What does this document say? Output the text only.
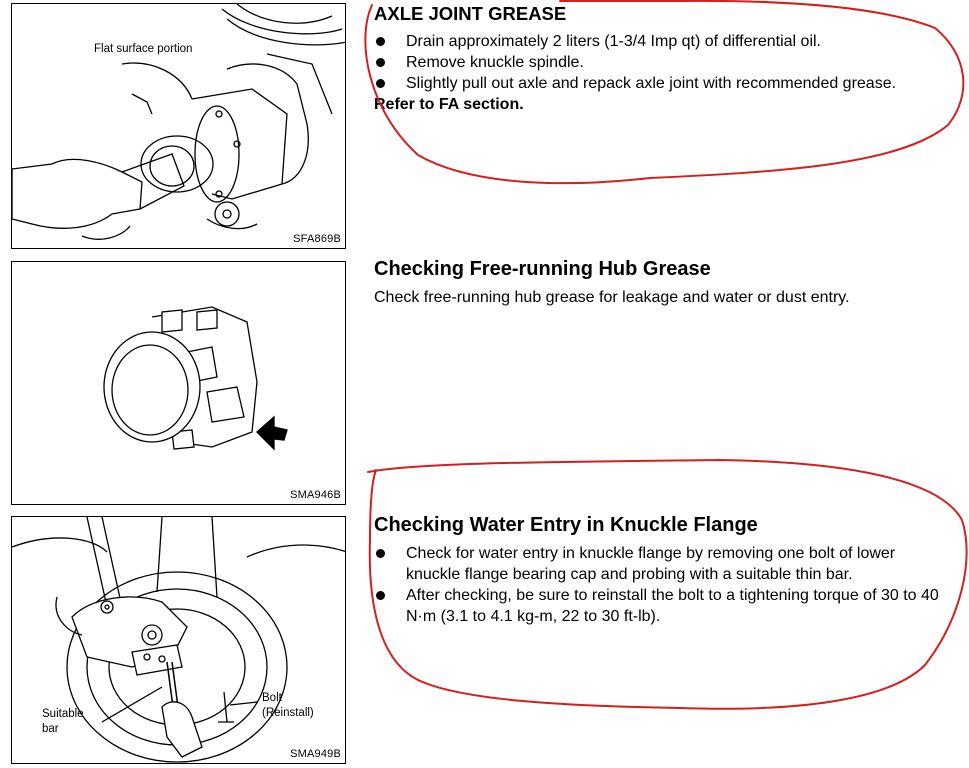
Flat surface portion
SFA869B
SMA946B
Suitable
bar
Bolt
(Reinstall)
SMA949B
AXLE JOINT GREASE
Drain approximately 2 liters (1-3/4 Imp qt) of differential oil.
Remove knuckle spindle.
Slightly pull out axle and repack axle joint with recommended grease.
Refer to FA section.
Checking Free-running Hub Grease

Check free-running hub grease for leakage and water or dust entry.

Checking Water Entry in Knuckle Flange
Check for water entry in knuckle flange by removing one bolt of lower knuckle flange bearing cap and probing with a suitable thin bar.
After checking, be sure to reinstall the bolt to a tightening torque of 30 to 40 N·m (3.1 to 4.1 kg-m, 22 to 30 ft-lb).
